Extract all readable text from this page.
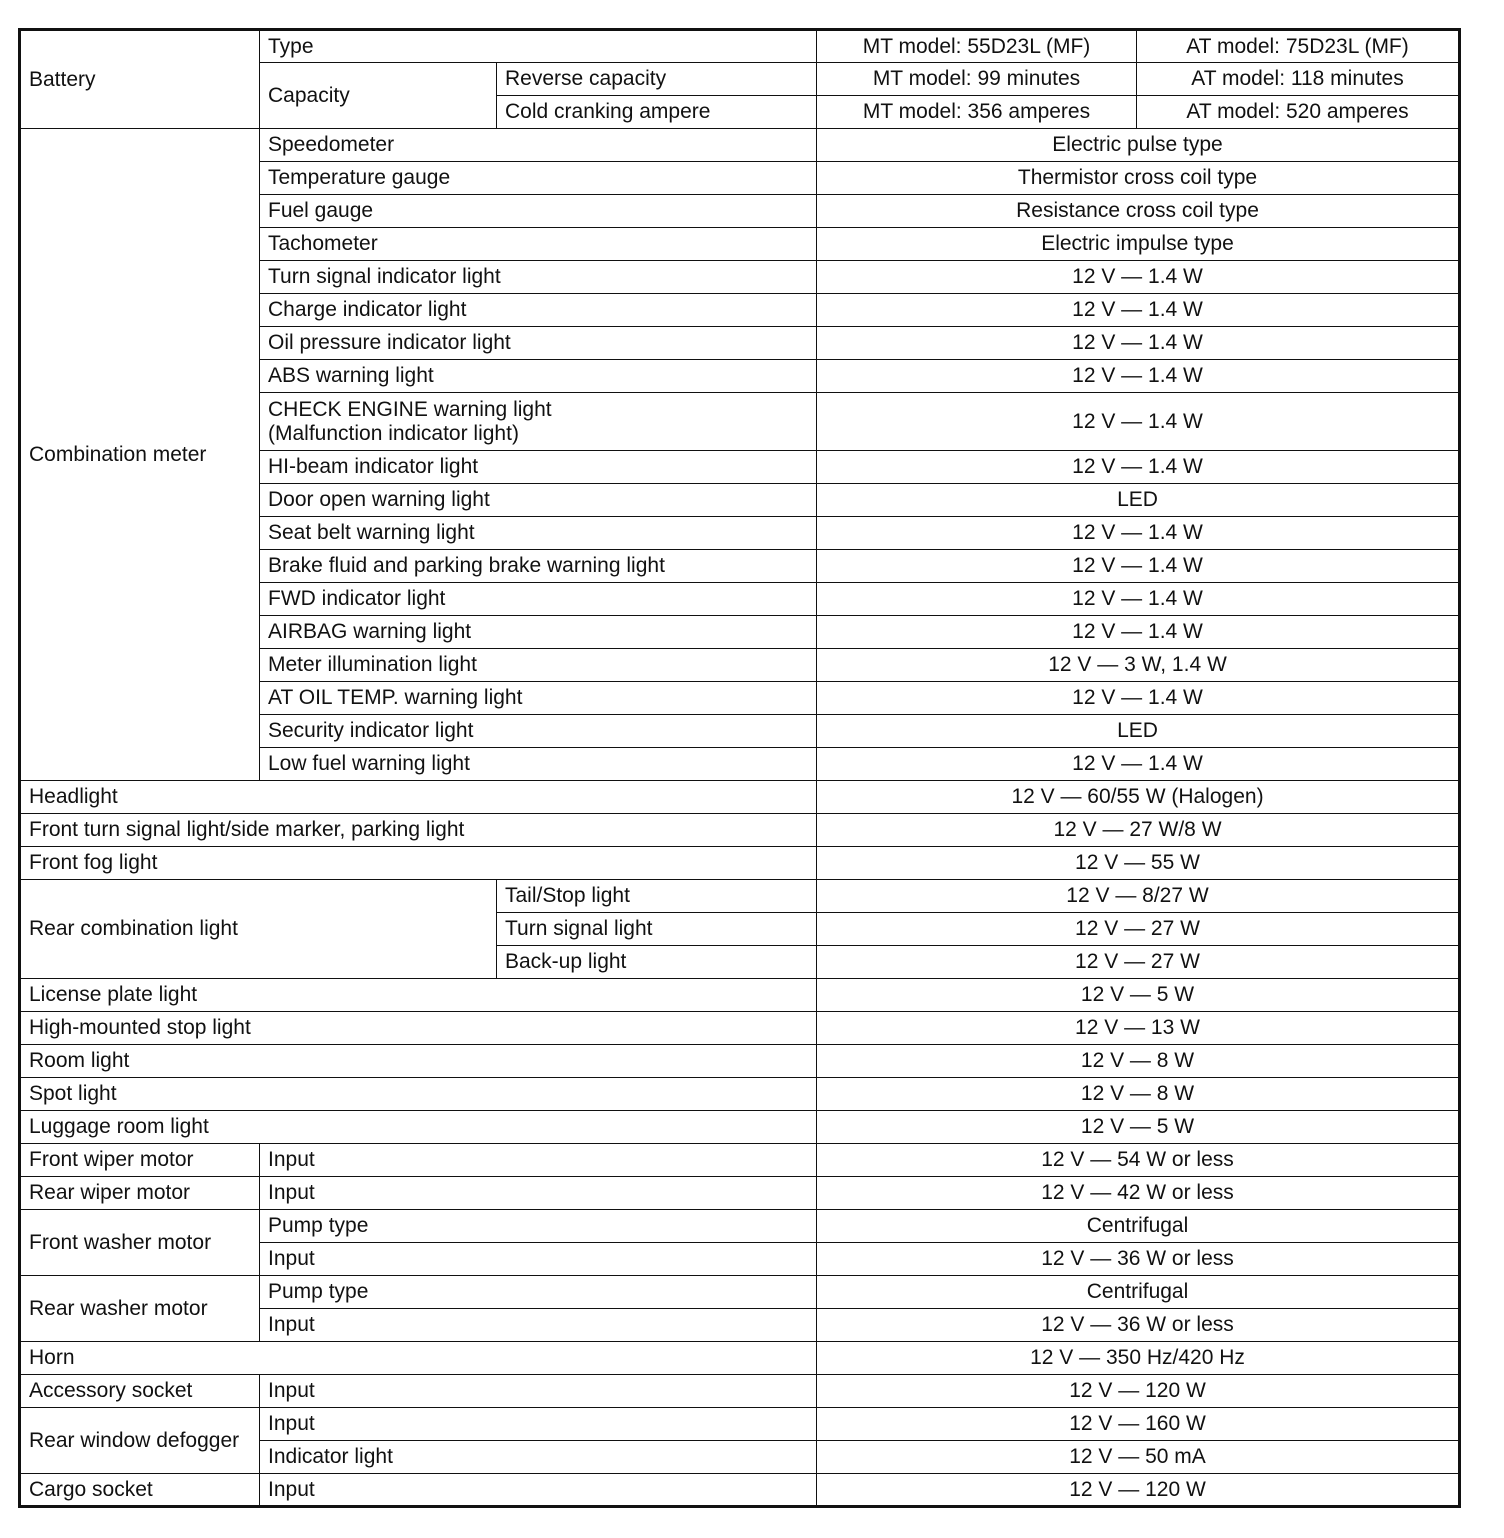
Battery	Type		MT model: 55D23L (MF)	AT model: 75D23L (MF)
	Capacity	Reverse capacity	MT model: 99 minutes	AT model: 118 minutes
		Cold cranking ampere	MT model: 356 amperes	AT model: 520 amperes
Combination meter	Speedometer		Electric pulse type	
	Temperature gauge		Thermistor cross coil type	
	Fuel gauge		Resistance cross coil type	
	Tachometer		Electric impulse type	
	Turn signal indicator light		12 V — 1.4 W	
	Charge indicator light		12 V — 1.4 W	
	Oil pressure indicator light		12 V — 1.4 W	
	ABS warning light		12 V — 1.4 W	

	CHECK ENGINE warning light
(Malfunction indicator light)		12 V — 1.4 W	
	HI-beam indicator light		12 V — 1.4 W	
	Door open warning light		LED	
	Seat belt warning light		12 V — 1.4 W	
	Brake fluid and parking brake warning light		12 V — 1.4 W	
	FWD indicator light		12 V — 1.4 W	
	AIRBAG warning light		12 V — 1.4 W	
	Meter illumination light		12 V — 3 W, 1.4 W	
	AT OIL TEMP. warning light		12 V — 1.4 W	
	Security indicator light		LED	
	Low fuel warning light		12 V — 1.4 W	
Headlight			12 V — 60/55 W (Halogen)	
Front turn signal light/side marker, parking light			12 V — 27 W/8 W	
Front fog light			12 V — 55 W	
Rear combination light		Tail/Stop light	12 V — 8/27 W	
		Turn signal light	12 V — 27 W	
		Back-up light	12 V — 27 W	
License plate light			12 V — 5 W	
High-mounted stop light			12 V — 13 W	
Room light			12 V — 8 W	
Spot light			12 V — 8 W	
Luggage room light			12 V — 5 W	
Front wiper motor	Input		12 V — 54 W or less	
Rear wiper motor	Input		12 V — 42 W or less	
Front washer motor	Pump type		Centrifugal	
	Input		12 V — 36 W or less	
Rear washer motor	Pump type		Centrifugal	
	Input		12 V — 36 W or less	
Horn			12 V — 350 Hz/420 Hz	
Accessory socket	Input		12 V — 120 W	
Rear window defogger	Input		12 V — 160 W	
	Indicator light		12 V — 50 mA	
Cargo socket	Input		12 V — 120 W	
